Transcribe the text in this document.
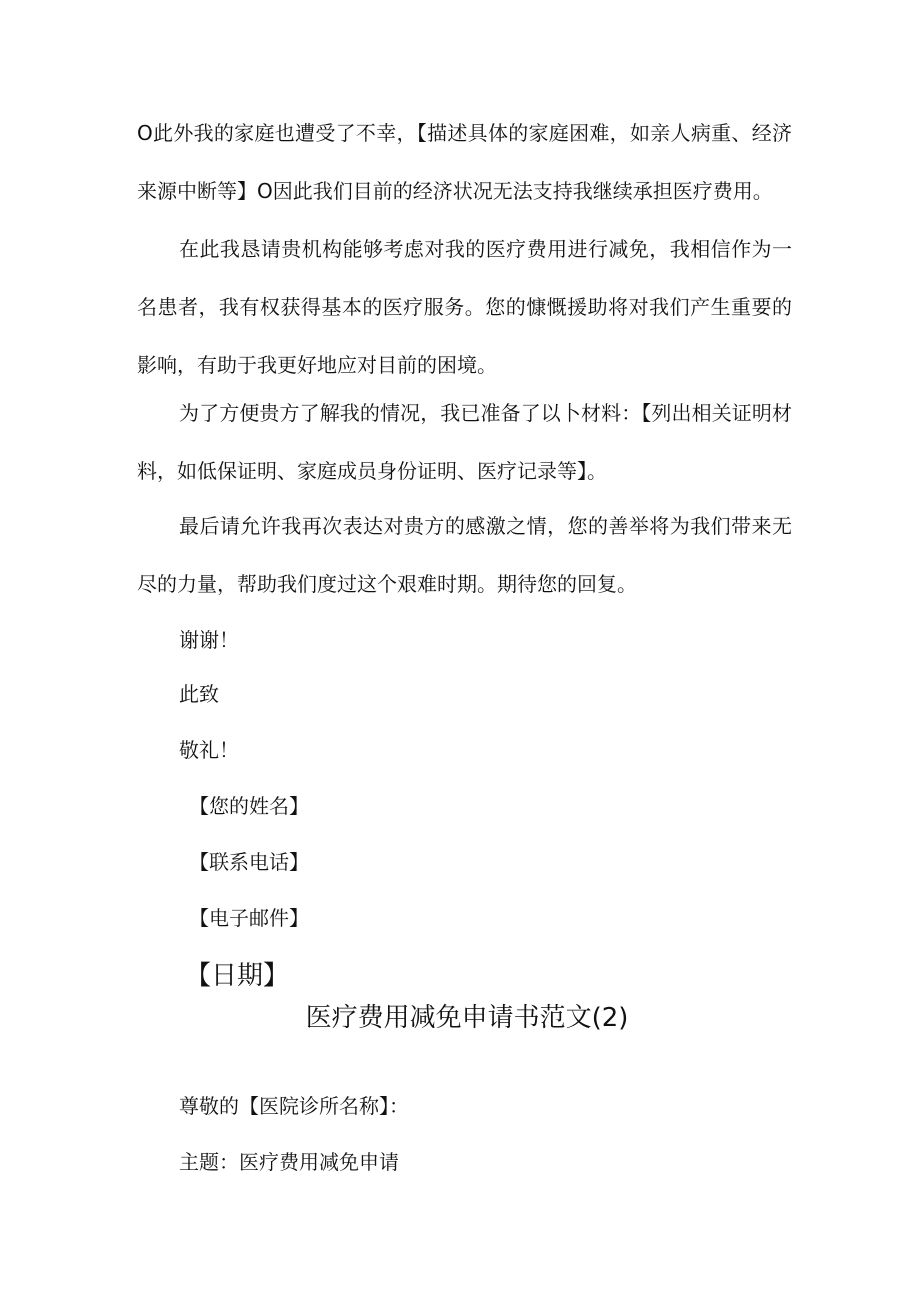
O此外我的家庭也遭受了不幸，【描述具体的家庭困难，如亲人病重、经济来源中断等】O因此我们目前的经济状况无法支持我继续承担医疗费用。

在此我恳请贵机构能够考虑对我的医疗费用进行减免，我相信作为一名患者，我有权获得基本的医疗服务。您的慷慨援助将对我们产生重要的影响，有助于我更好地应对目前的困境。

为了方便贵方了解我的情况，我已准备了以卜材料：【列出相关证明材料，如低保证明、家庭成员身份证明、医疗记录等】。

最后请允许我再次表达对贵方的感激之情，您的善举将为我们带来无尽的力量，帮助我们度过这个艰难时期。期待您的回复。

谢谢！

此致

敬礼！

【您的姓名】

【联系电话】

【电子邮件】

【日期】

医疗费用减免申请书范文(2)

尊敬的【医院诊所名称】：

主题：医疗费用减免申请
